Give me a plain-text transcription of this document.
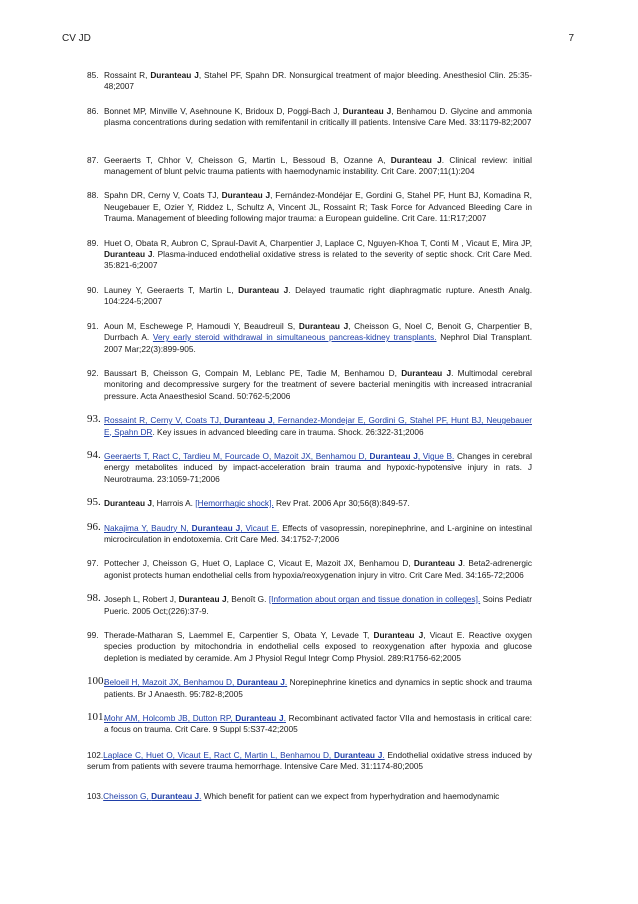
CV JD	7
85. Rossaint R, Duranteau J, Stahel PF, Spahn DR. Nonsurgical treatment of major bleeding. Anesthesiol Clin. 25:35-48;2007
86. Bonnet MP, Minville V, Asehnoune K, Bridoux D, Poggi-Bach J, Duranteau J, Benhamou D. Glycine and ammonia plasma concentrations during sedation with remifentanil in critically ill patients. Intensive Care Med. 33:1179-82;2007
87. Geeraerts T, Chhor V, Cheisson G, Martin L, Bessoud B, Ozanne A, Duranteau J. Clinical review: initial management of blunt pelvic trauma patients with haemodynamic instability. Crit Care. 2007;11(1):204
88. Spahn DR, Cerny V, Coats TJ, Duranteau J, Fernández-Mondéjar E, Gordini G, Stahel PF, Hunt BJ, Komadina R, Neugebauer E, Ozier Y, Riddez L, Schultz A, Vincent JL, Rossaint R; Task Force for Advanced Bleeding Care in Trauma. Management of bleeding following major trauma: a European guideline. Crit Care. 11:R17;2007
89. Huet O, Obata R, Aubron C, Spraul-Davit A, Charpentier J, Laplace C, Nguyen-Khoa T, Conti M , Vicaut E, Mira JP, Duranteau J. Plasma-induced endothelial oxidative stress is related to the severity of septic shock. Crit Care Med. 35:821-6;2007
90. Launey Y, Geeraerts T, Martin L, Duranteau J. Delayed traumatic right diaphragmatic rupture. Anesth Analg. 104:224-5;2007
91. Aoun M, Eschewege P, Hamoudi Y, Beaudreuil S, Duranteau J, Cheisson G, Noel C, Benoit G, Charpentier B, Durrbach A. Very early steroid withdrawal in simultaneous pancreas-kidney transplants. Nephrol Dial Transplant. 2007 Mar;22(3):899-905.
92. Baussart B, Cheisson G, Compain M, Leblanc PE, Tadie M, Benhamou D, Duranteau J. Multimodal cerebral monitoring and decompressive surgery for the treatment of severe bacterial meningitis with increased intracranial pressure. Acta Anaesthesiol Scand. 50:762-5;2006
93. Rossaint R, Cerny V, Coats TJ, Duranteau J, Fernandez-Mondejar E, Gordini G, Stahel PF, Hunt BJ, Neugebauer E, Spahn DR. Key issues in advanced bleeding care in trauma. Shock. 26:322-31;2006
94. Geeraerts T, Ract C, Tardieu M, Fourcade O, Mazoit JX, Benhamou D, Duranteau J, Vigue B. Changes in cerebral energy metabolites induced by impact-acceleration brain trauma and hypoxic-hypotensive injury in rats. J Neurotrauma. 23:1059-71;2006
95. Duranteau J, Harrois A. [Hemorrhagic shock]. Rev Prat. 2006 Apr 30;56(8):849-57.
96. Nakajima Y, Baudry N, Duranteau J, Vicaut E. Effects of vasopressin, norepinephrine, and L-arginine on intestinal microcirculation in endotoxemia. Crit Care Med. 34:1752-7;2006
97. Pottecher J, Cheisson G, Huet O, Laplace C, Vicaut E, Mazoit JX, Benhamou D, Duranteau J. Beta2-adrenergic agonist protects human endothelial cells from hypoxia/reoxygenation injury in vitro. Crit Care Med. 34:165-72;2006
98. Joseph L, Robert J, Duranteau J, Benoît G. [Information about organ and tissue donation in colleges]. Soins Pediatr Pueric. 2005 Oct;(226):37-9.
99. Therade-Matharan S, Laemmel E, Carpentier S, Obata Y, Levade T, Duranteau J, Vicaut E. Reactive oxygen species production by mitochondria in endothelial cells exposed to reoxygenation after hypoxia and glucose depletion is mediated by ceramide. Am J Physiol Regul Integr Comp Physiol. 289:R1756-62;2005
100.
Beloeil H, Mazoit JX, Benhamou D, Duranteau J. Norepinephrine kinetics and dynamics in septic shock and trauma patients. Br J Anaesth. 95:782-8;2005
101.
Mohr AM, Holcomb JB, Dutton RP, Duranteau J. Recombinant activated factor VIIa and hemostasis in critical care: a focus on trauma. Crit Care. 9 Suppl 5:S37-42;2005
102.Laplace C, Huet O, Vicaut E, Ract C, Martin L, Benhamou D, Duranteau J. Endothelial oxidative stress induced by serum from patients with severe trauma hemorrhage. Intensive Care Med. 31:1174-80;2005
103.Cheisson G, Duranteau J. Which benefit for patient can we expect from hyperhydration and haemodynamic
